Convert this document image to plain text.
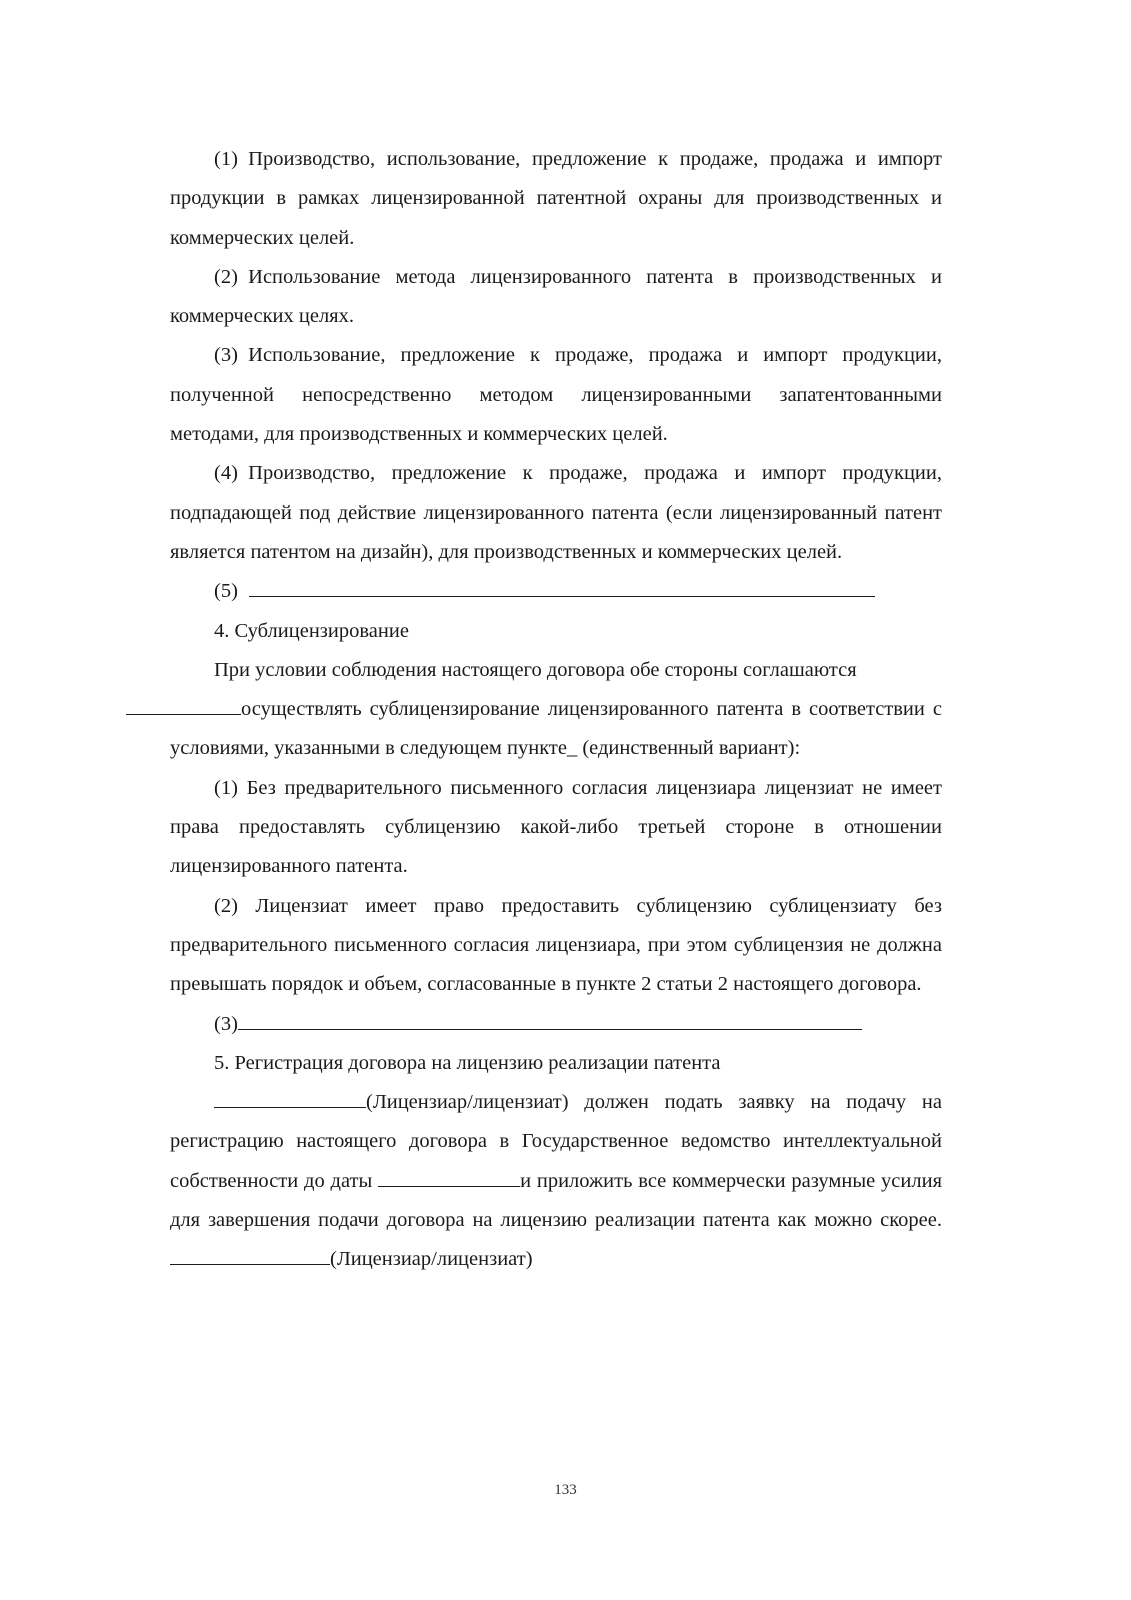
(1) Производство, использование, предложение к продаже, продажа и импорт продукции в рамках лицензированной патентной охраны для производственных и коммерческих целей.

(2) Использование метода лицензированного патента в производственных и коммерческих целях.

(3) Использование, предложение к продаже, продажа и импорт продукции, полученной непосредственно методом лицензированными запатентованными методами, для производственных и коммерческих целей.

(4) Производство, предложение к продаже, продажа и импорт продукции, подпадающей под действие лицензированного патента (если лицензированный патент является патентом на дизайн), для производственных и коммерческих целей.

(5)

4. Сублицензирование

При условии соблюдения настоящего договора обе стороны соглашаются
осуществлять сублицензирование лицензированного патента в соответствии с условиями, указанными в следующем пункте_ (единственный вариант):

(1) Без предварительного письменного согласия лицензиара лицензиат не имеет права предоставлять сублицензию какой-либо третьей стороне в отношении лицензированного патента.

(2) Лицензиат имеет право предоставить сублицензию сублицензиату без предварительного письменного согласия лицензиара, при этом сублицензия не должна превышать порядок и объем, согласованные в пункте 2 статьи 2 настоящего договора.

(3)

5. Регистрация договора на лицензию реализации патента

(Лицензиар/лицензиат) должен подать заявку на подачу на регистрацию настоящего договора в Государственное ведомство интеллектуальной собственности до даты	и приложить все коммерчески разумные усилия для завершения подачи договора на лицензию реализации патента как можно скорее. (Лицензиар/лицензиат)

133
